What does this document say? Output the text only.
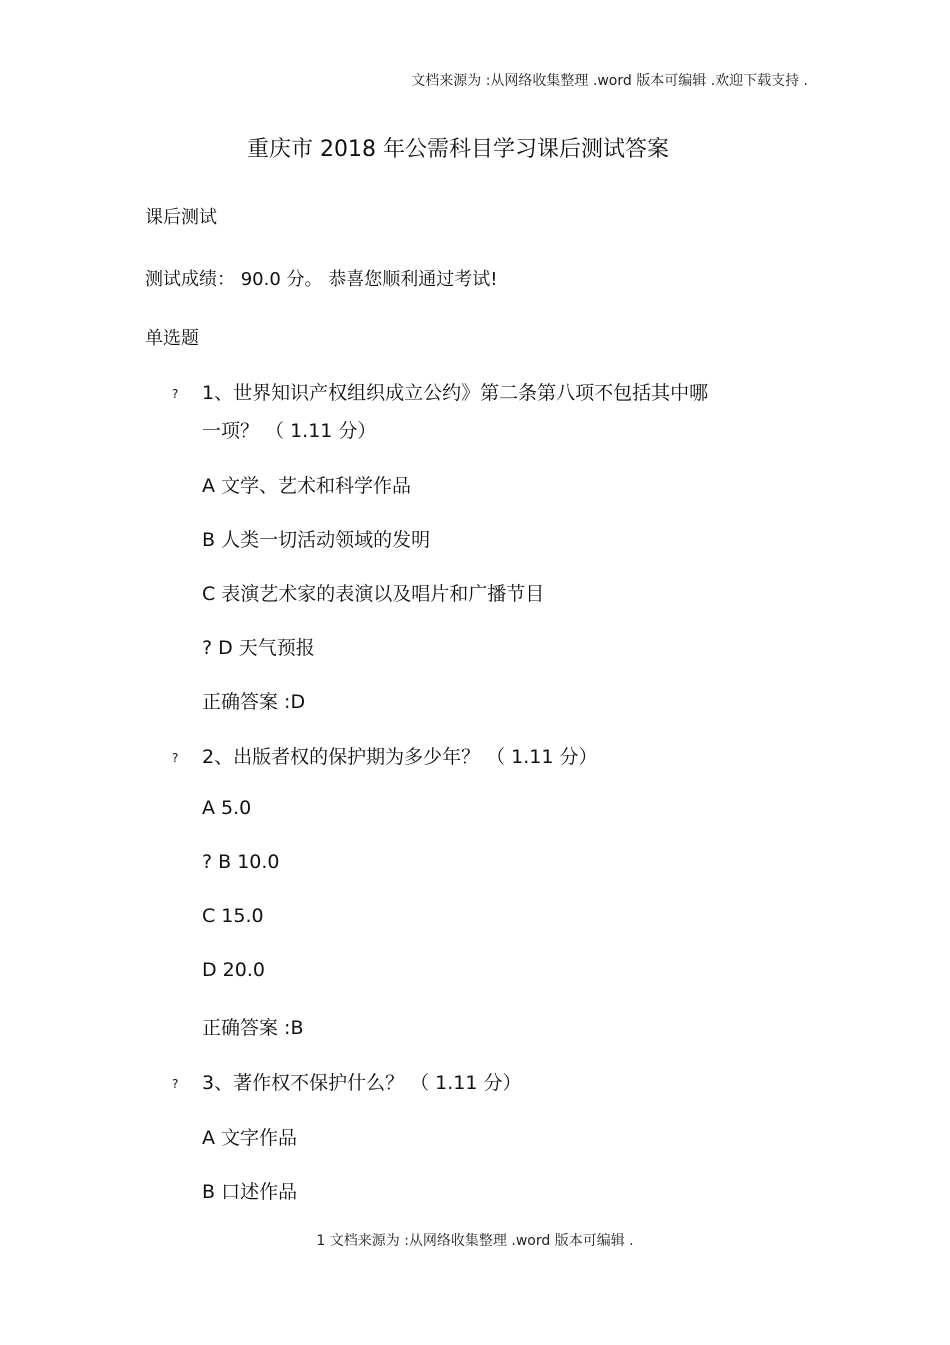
文档来源为 :从网络收集整理 .word 版本可编辑 .欢迎下载支持 .
重庆市 2018 年公需科目学习课后测试答案
课后测试
测试成绩： 90.0 分。 恭喜您顺利通过考试!
单选题
? 1、世界知识产权组织成立公约》第二条第八项不包括其中哪
一项？ （ 1.11 分）
A 文学、艺术和科学作品
B 人类一切活动领域的发明
C 表演艺术家的表演以及唱片和广播节目
? D 天气预报
正确答案 :D
? 2、出版者权的保护期为多少年？ （ 1.11 分）
A 5.0
? B 10.0
C 15.0
D 20.0
正确答案 :B
? 3、著作权不保护什么？ （ 1.11 分）
A 文字作品
B 口述作品
1 文档来源为 :从网络收集整理 .word 版本可编辑 .
